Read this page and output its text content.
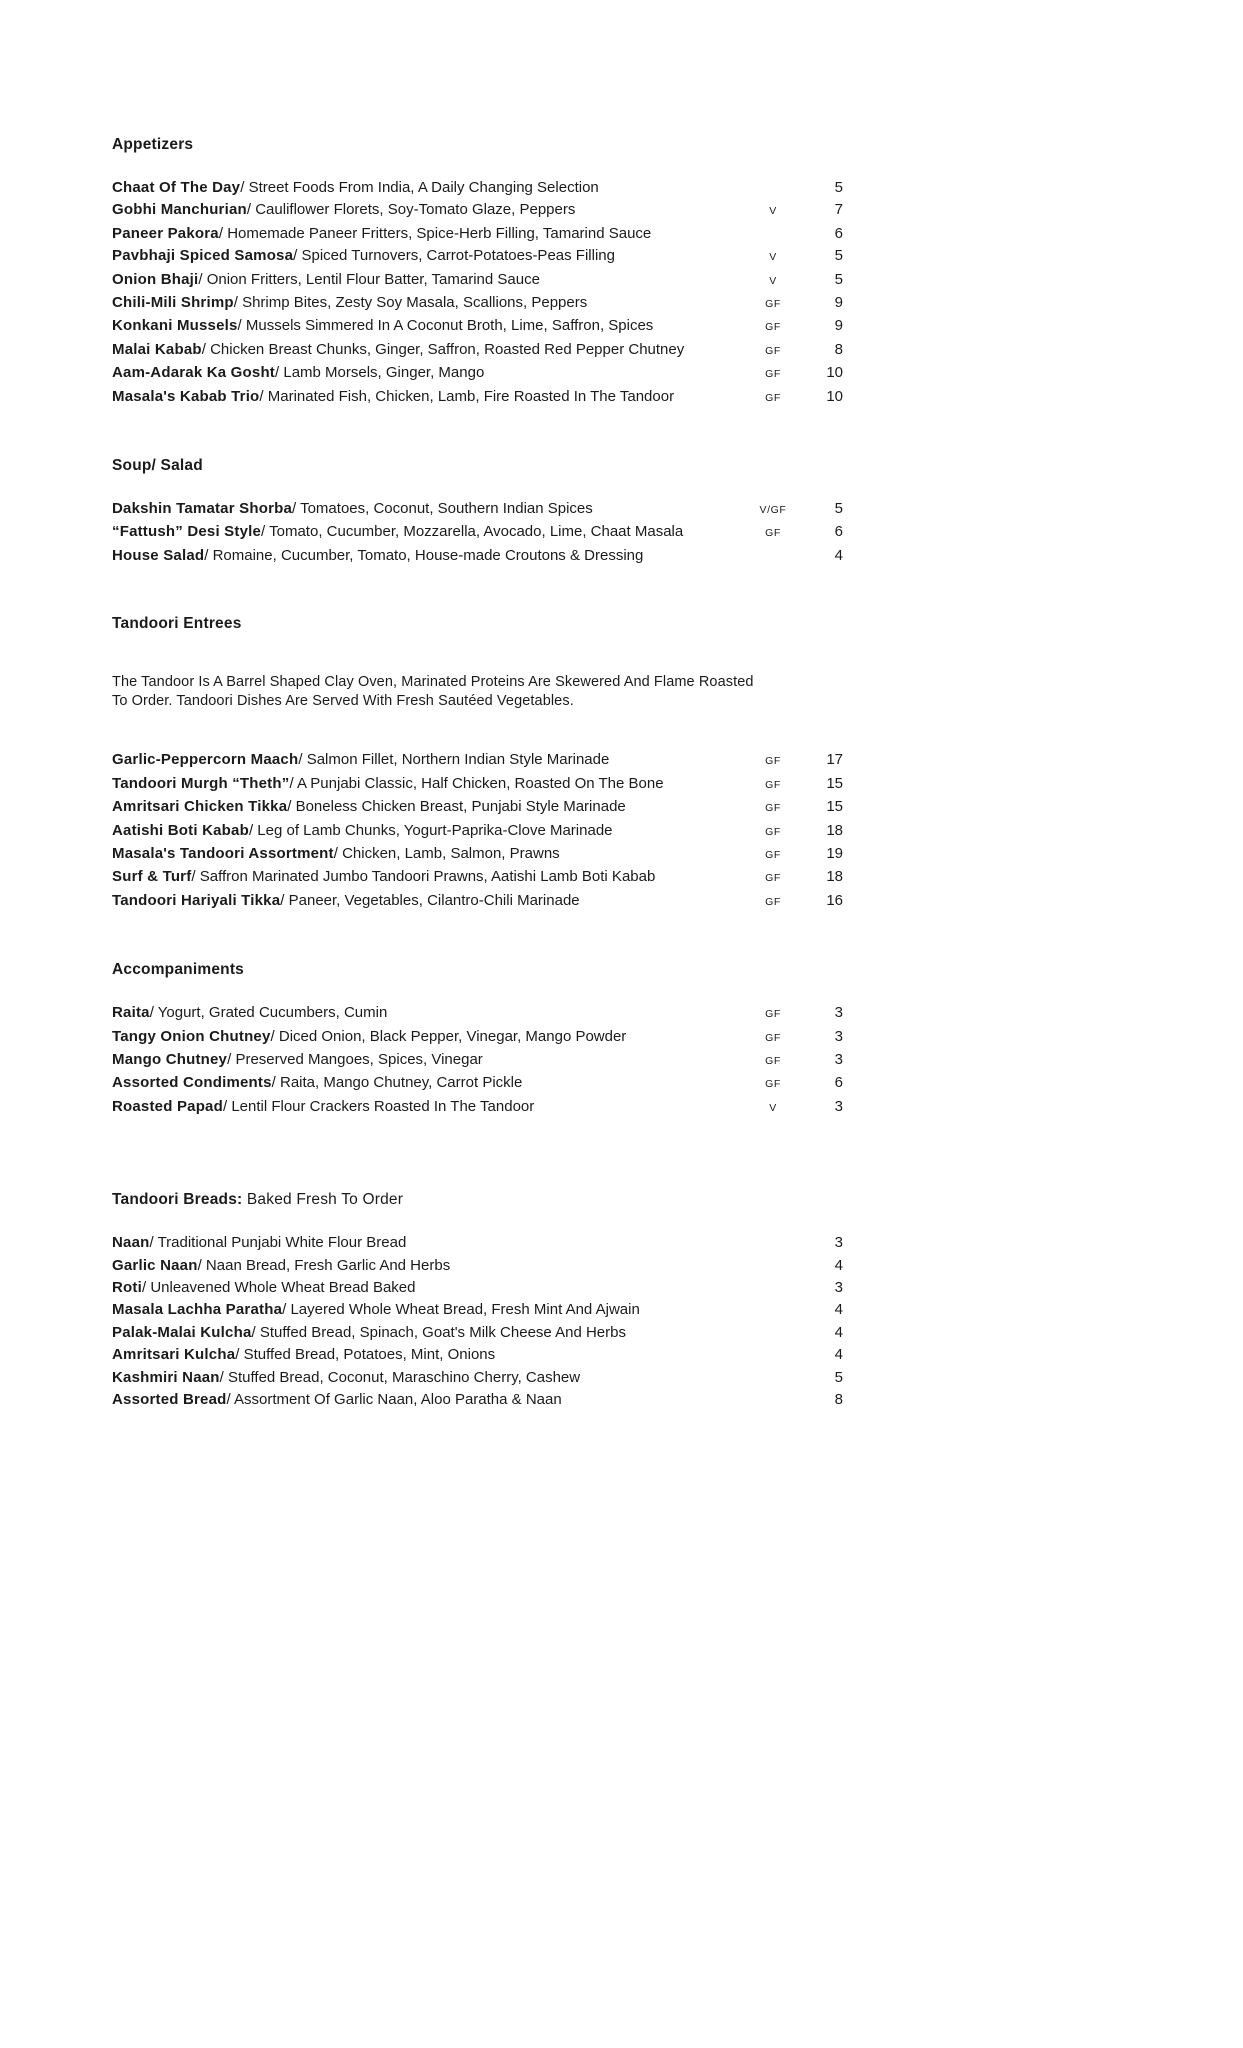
Appetizers
Chaat Of The Day/ Street Foods From India, A Daily Changing Selection	5
Gobhi Manchurian/ Cauliflower Florets, Soy-Tomato Glaze, Peppers	V	7
Paneer Pakora/ Homemade Paneer Fritters, Spice-Herb Filling, Tamarind Sauce	6
Pavbhaji Spiced Samosa/ Spiced Turnovers, Carrot-Potatoes-Peas Filling	V	5
Onion Bhaji/ Onion Fritters, Lentil Flour Batter, Tamarind Sauce	V	5
Chili-Mili Shrimp/ Shrimp Bites, Zesty Soy Masala, Scallions, Peppers	GF	9
Konkani Mussels/ Mussels Simmered In A Coconut Broth, Lime, Saffron, Spices	GF	9
Malai Kabab/ Chicken Breast Chunks, Ginger, Saffron, Roasted Red Pepper Chutney	GF	8
Aam-Adarak Ka Gosht/ Lamb Morsels, Ginger, Mango	GF	10
Masala's Kabab Trio/ Marinated Fish, Chicken, Lamb, Fire Roasted In The Tandoor	GF	10
Soup/ Salad
Dakshin Tamatar Shorba/ Tomatoes, Coconut, Southern Indian Spices	V/GF	5
“Fattush” Desi Style/ Tomato, Cucumber, Mozzarella, Avocado, Lime, Chaat Masala	GF	6
House Salad/ Romaine, Cucumber, Tomato, House-made Croutons & Dressing	4
Tandoori Entrees

The Tandoor Is A Barrel Shaped Clay Oven, Marinated Proteins Are Skewered And Flame Roasted To Order. Tandoori Dishes Are Served With Fresh Sautéed Vegetables.

Garlic-Peppercorn Maach/ Salmon Fillet, Northern Indian Style Marinade	GF	17
Tandoori Murgh “Theth”/ A Punjabi Classic, Half Chicken, Roasted On The Bone	GF	15
Amritsari Chicken Tikka/ Boneless Chicken Breast, Punjabi Style Marinade	GF	15
Aatishi Boti Kabab/ Leg of Lamb Chunks, Yogurt-Paprika-Clove Marinade	GF	18
Masala's Tandoori Assortment/ Chicken, Lamb, Salmon, Prawns	GF	19
Surf & Turf/ Saffron Marinated Jumbo Tandoori Prawns, Aatishi Lamb Boti Kabab	GF	18
Tandoori Hariyali Tikka/ Paneer, Vegetables, Cilantro-Chili Marinade	GF	16
Accompaniments
Raita/ Yogurt, Grated Cucumbers, Cumin	GF	3
Tangy Onion Chutney/ Diced Onion, Black Pepper, Vinegar, Mango Powder	GF	3
Mango Chutney/ Preserved Mangoes, Spices, Vinegar	GF	3
Assorted Condiments/ Raita, Mango Chutney, Carrot Pickle	GF	6
Roasted Papad/ Lentil Flour Crackers Roasted In The Tandoor	V	3
Tandoori Breads: Baked Fresh To Order
Naan/ Traditional Punjabi White Flour Bread	3
Garlic Naan/ Naan Bread, Fresh Garlic And Herbs	4
Roti/ Unleavened Whole Wheat Bread Baked	3
Masala Lachha Paratha/ Layered Whole Wheat Bread, Fresh Mint And Ajwain	4
Palak-Malai Kulcha/ Stuffed Bread, Spinach, Goat's Milk Cheese And Herbs	4
Amritsari Kulcha/ Stuffed Bread, Potatoes, Mint, Onions	4
Kashmiri Naan/ Stuffed Bread, Coconut, Maraschino Cherry, Cashew	5
Assorted Bread/ Assortment Of Garlic Naan, Aloo Paratha & Naan	8
